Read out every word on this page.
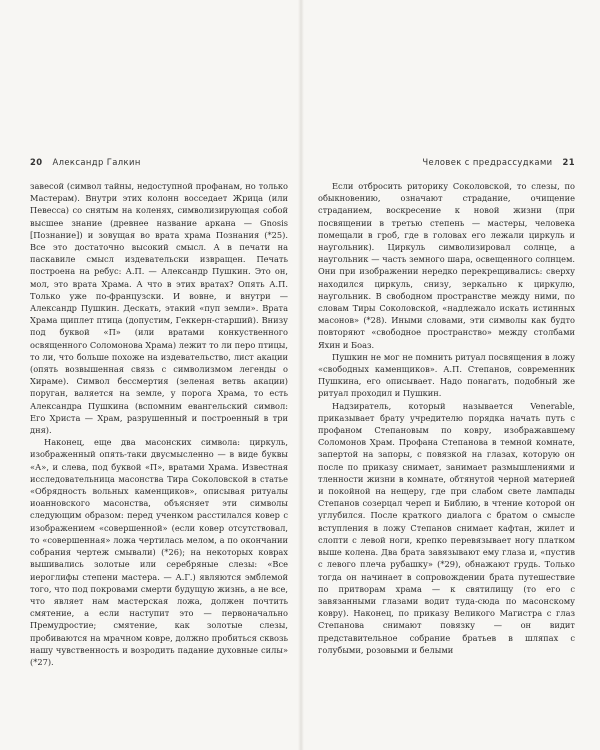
20 Александр Галкин

завесой (символ тайны, недоступной профанам, но только Мастерам). Внутри этих колонн восседает Жрица (или Певесса) со снятым на коленях, символизирующая собой высшее знание (древнее название аркана — Gnosis [Познание]) и зовущая во врата храма Познания (*25). Все это достаточно высокий смысл. А в печати на паскавиле смысл издевательски извращен. Печать построена на ребус: А.П. — Александр Пушкин. Это он, мол, это врата Храма. А что в этих вратах? Опять А.П. Только уже по-французски. И вовне, и внутри — Александр Пушкин. Дескать, этакий «пуп земли». Врата Храма щиплет птица (допустим, Геккерн-старший). Внизу под буквой «П» (или вратами конкуственного освященного Соломонова Храма) лежит то ли перо птицы, то ли, что больше похоже на издевательство, лист акации (опять возвышенная связь с символизмом легенды о Хираме). Символ бессмертия (зеленая ветвь акации) поруган, валяется на земле, у порога Храма, то есть Александра Пушкина (вспомним евангельский символ: Его Христа — Храм, разрушенный и построенный в три дня).

Наконец, еще два масонских символа: циркуль, изображенный опять-таки двусмысленно — в виде буквы «А», и слева, под буквой «П», вратами Храма. Известная исследовательница масонства Тира Соколовской в статье «Обрядность вольных каменщиков», описывая ритуалы иоанновского масонства, объясняет эти символы следующим образом: перед ученком расстилался ковер с изображением «совершенной» (если ковер отсутствовал, то «совершенная» ложа чертилась мелом, а по окончании собрания чертеж смывали) (*26); на некоторых коврах вышивались золотые или серебряные слезы: «Все иероглифы степени мастера. — А.Г.) являются эмблемой того, что под покровами смерти будущую жизнь, а не все, что являет нам мастерская ложа, должен почтить смятение, а если наступит это — первоначально Премудростие; смятение, как золотые слезы, пробиваются на мрачном ковре, должно пробиться сквозь нашу чувственность и возродить падание духовные силы» (*27).

Человек с предрассудками 21

Если отбросить риторику Соколовской, то слезы, по обыкновению, означают страдание, очищение страданием, воскресение к новой жизни (при посвящении в третью степень — мастеры, человека помещали в гроб, где в головах его лежали циркуль и наугольник). Циркуль символизировал солнце, а наугольник — часть земного шара, освещенного солнцем. Они при изображении нередко перекрещивались: сверху находился циркуль, снизу, зеркально к циркулю, наугольник. В свободном пространстве между ними, по словам Тиры Соколовской, «надлежало искать истинных масонов» (*28). Иными словами, эти символы как будто повторяют «свободное пространство» между столбами Яхин и Боаз.

Пушкин не мог не помнить ритуал посвящения в ложу «свободных каменщиков». А.П. Степанов, современник Пушкина, его описывает. Надо понагать, подобный же ритуал проходил и Пушкин.

Надзиратель, который называется Venerable, приказывает брату учредителю порядка начать путь с профаном Степановым по ковру, изображавшему Соломонов Храм. Профана Степанова в темной комнате, запертой на запоры, с повязкой на глазах, которую он после по приказу снимает, занимает размышлениями и тленности жизни в комнате, обтянутой черной материей и покойной на нещеру, где при слабом свете лампады Степанов созерцал череп и Библию, в чтение которой он углубился. После краткого диалога с братом о смысле вступления в ложу Степанов снимает кафтан, жилет и слопти с левой ноги, крепко перевязывает ногу платком выше колена. Два брата завязывают ему глаза и, «пустив с левого плеча рубашку» (*29), обнажают грудь. Только тогда он начинает в сопровождении брата путешествие по притворам храма — к святилищу (то его с завязанными глазами водит туда-сюда по масонскому ковру). Наконец, по приказу Великого Магистра с глаз Степанова снимают повязку — он видит представительное собрание братьев в шляпах с голубыми, розовыми и белыми
